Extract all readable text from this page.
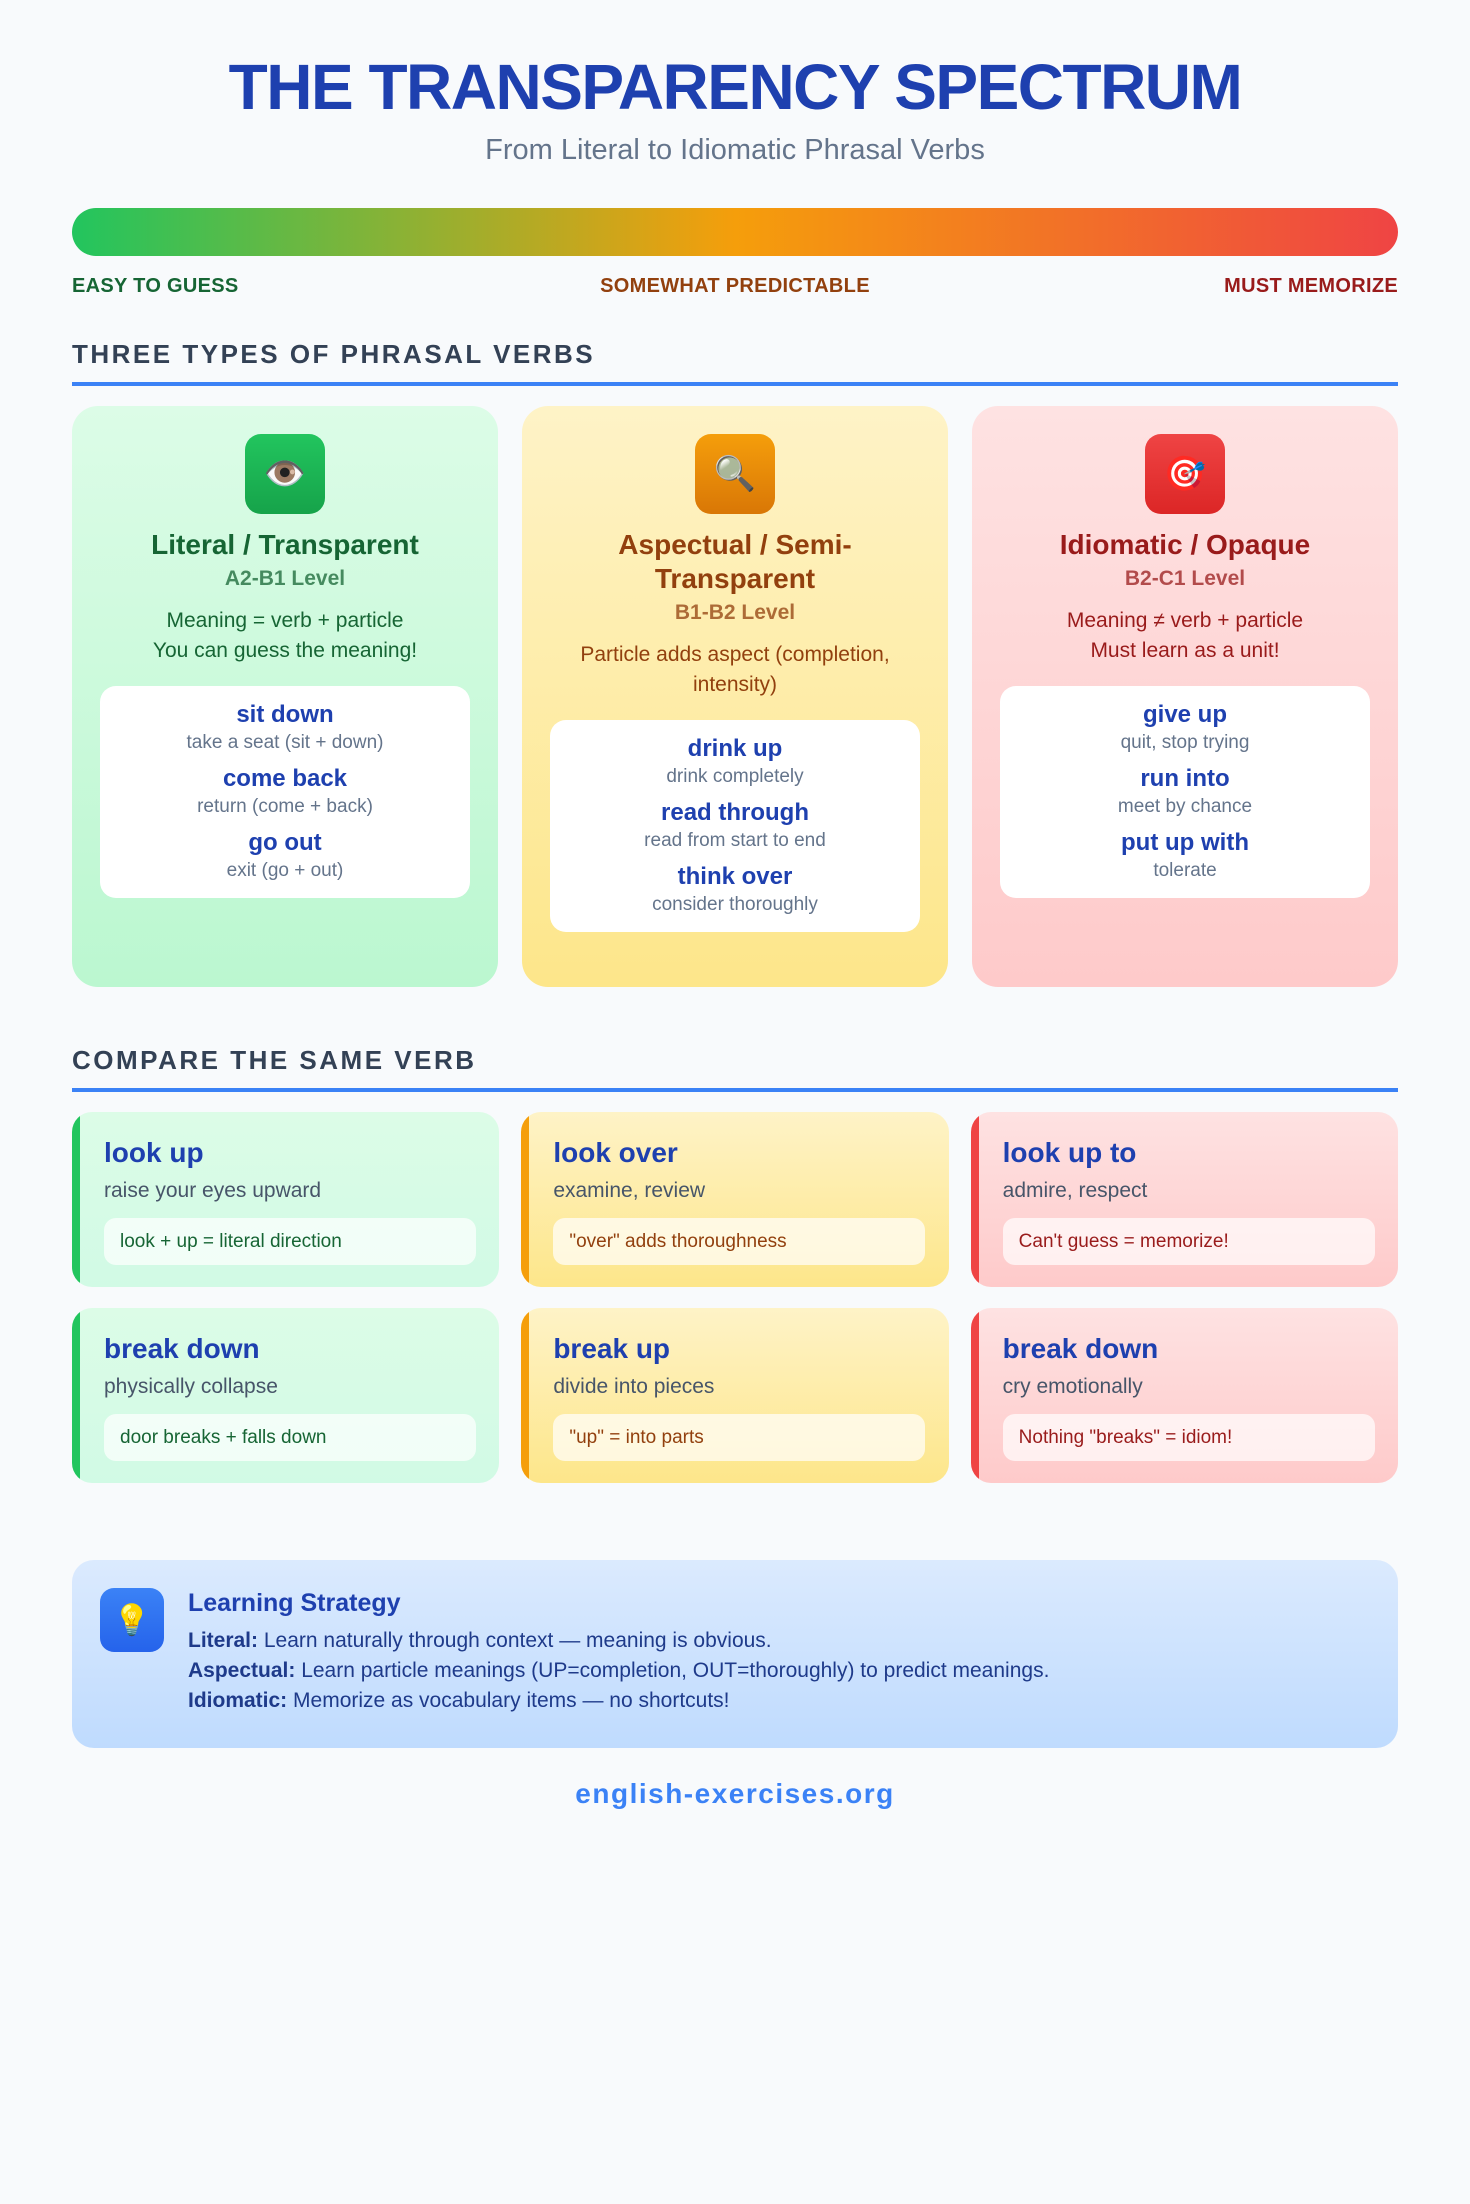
THE TRANSPARENCY SPECTRUM
From Literal to Idiomatic Phrasal Verbs
SOMEWHAT PREDICTABLE
EASY TO GUESS	MUST MEMORIZE
THREE TYPES OF PHRASAL VERBS
👁️
Literal / Transparent
A2-B1 Level
Meaning = verb + particle
You can guess the meaning!
sit down
take a seat (sit + down)
come back
return (come + back)
go out
exit (go + out)
🔍
Aspectual / Semi-Transparent
B1-B2 Level
Particle adds aspect (completion, intensity)
drink up
drink completely
read through
read from start to end
think over
consider thoroughly
🎯
Idiomatic / Opaque
B2-C1 Level
Meaning ≠ verb + particle
Must learn as a unit!
give up
quit, stop trying
run into
meet by chance
put up with
tolerate
COMPARE THE SAME VERB
look up
raise your eyes upward
look + up = literal direction
look over
examine, review
"over" adds thoroughness
look up to
admire, respect
Can't guess = memorize!
break down
physically collapse
door breaks + falls down
break up
divide into pieces
"up" = into parts
break down
cry emotionally
Nothing "breaks" = idiom!
💡
Learning Strategy
Literal: Learn naturally through context — meaning is obvious.
Aspectual: Learn particle meanings (UP=completion, OUT=thoroughly) to predict meanings.
Idiomatic: Memorize as vocabulary items — no shortcuts!
english-exercises.org
